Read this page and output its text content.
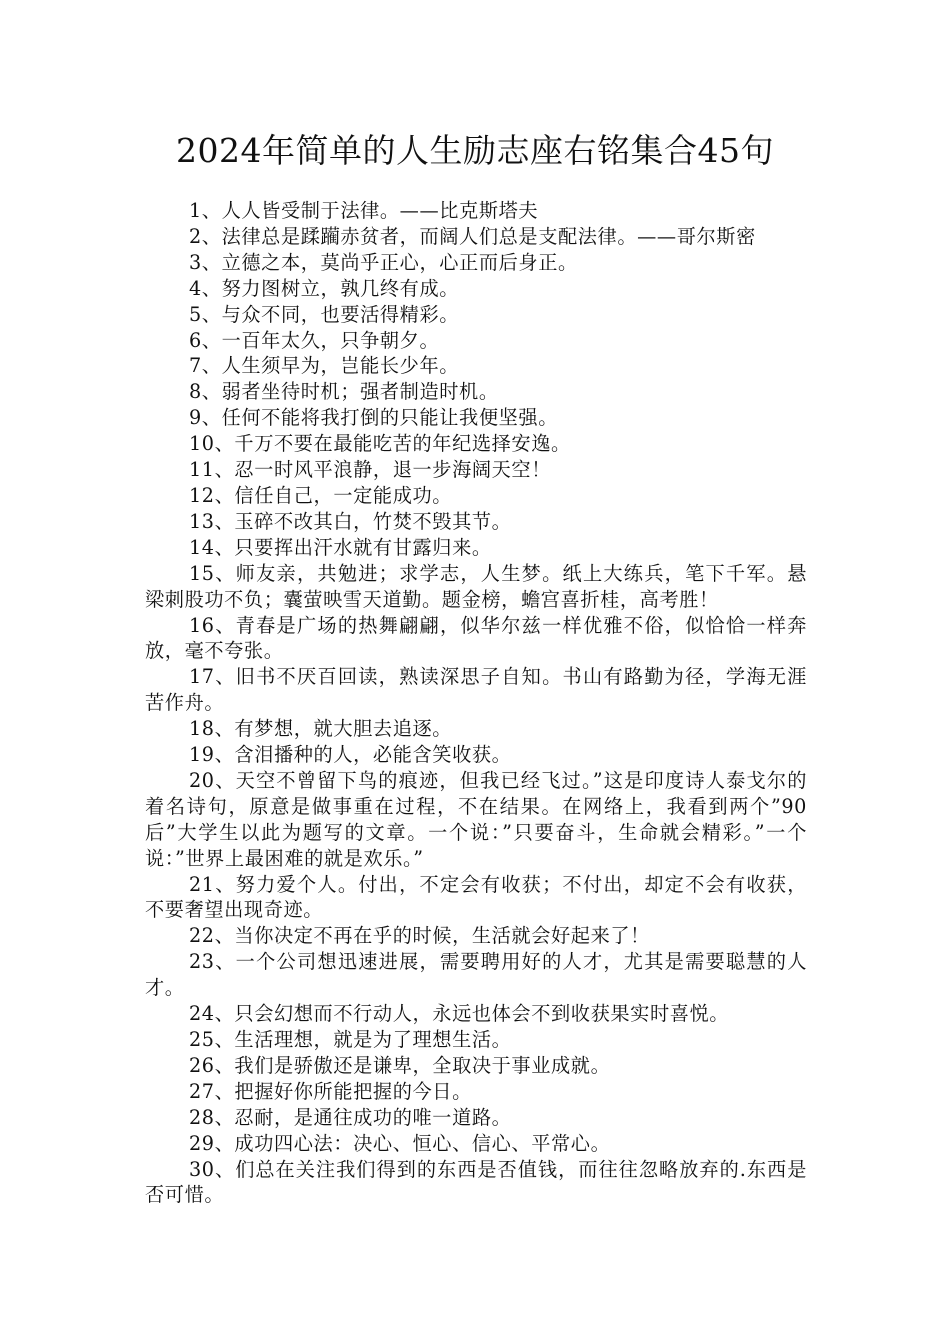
2024年简单的人生励志座右铭集合45句

1、人人皆受制于法律。——比克斯塔夫

2、法律总是蹂躏赤贫者，而阔人们总是支配法律。——哥尔斯密

3、立德之本，莫尚乎正心，心正而后身正。

4、努力图树立，孰几终有成。

5、与众不同，也要活得精彩。

6、一百年太久，只争朝夕。

7、人生须早为，岂能长少年。

8、弱者坐待时机；强者制造时机。

9、任何不能将我打倒的只能让我便坚强。

10、千万不要在最能吃苦的年纪选择安逸。

11、忍一时风平浪静，退一步海阔天空！

12、信任自己，一定能成功。

13、玉碎不改其白，竹焚不毁其节。

14、只要挥出汗水就有甘露归来。

15、师友亲，共勉进；求学志，人生梦。纸上大练兵，笔下千军。悬梁刺股功不负；囊萤映雪天道勤。题金榜，蟾宫喜折桂，高考胜！

16、青春是广场的热舞翩翩，似华尔兹一样优雅不俗，似恰恰一样奔放，毫不夸张。

17、旧书不厌百回读，熟读深思子自知。书山有路勤为径，学海无涯苦作舟。

18、有梦想，就大胆去追逐。

19、含泪播种的人，必能含笑收获。

20、天空不曾留下鸟的痕迹，但我已经飞过。”这是印度诗人泰戈尔的着名诗句，原意是做事重在过程，不在结果。在网络上，我看到两个”90后”大学生以此为题写的文章。一个说：”只要奋斗，生命就会精彩。”一个说：”世界上最困难的就是欢乐。”

21、努力爱个人。付出，不定会有收获；不付出，却定不会有收获，不要奢望出现奇迹。

22、当你决定不再在乎的时候，生活就会好起来了！

23、一个公司想迅速进展，需要聘用好的人才，尤其是需要聪慧的人才。

24、只会幻想而不行动人，永远也体会不到收获果实时喜悦。

25、生活理想，就是为了理想生活。

26、我们是骄傲还是谦卑，全取决于事业成就。

27、把握好你所能把握的今日。

28、忍耐，是通往成功的唯一道路。

29、成功四心法：决心、恒心、信心、平常心。

30、们总在关注我们得到的东西是否值钱，而往往忽略放弃的.东西是否可惜。
